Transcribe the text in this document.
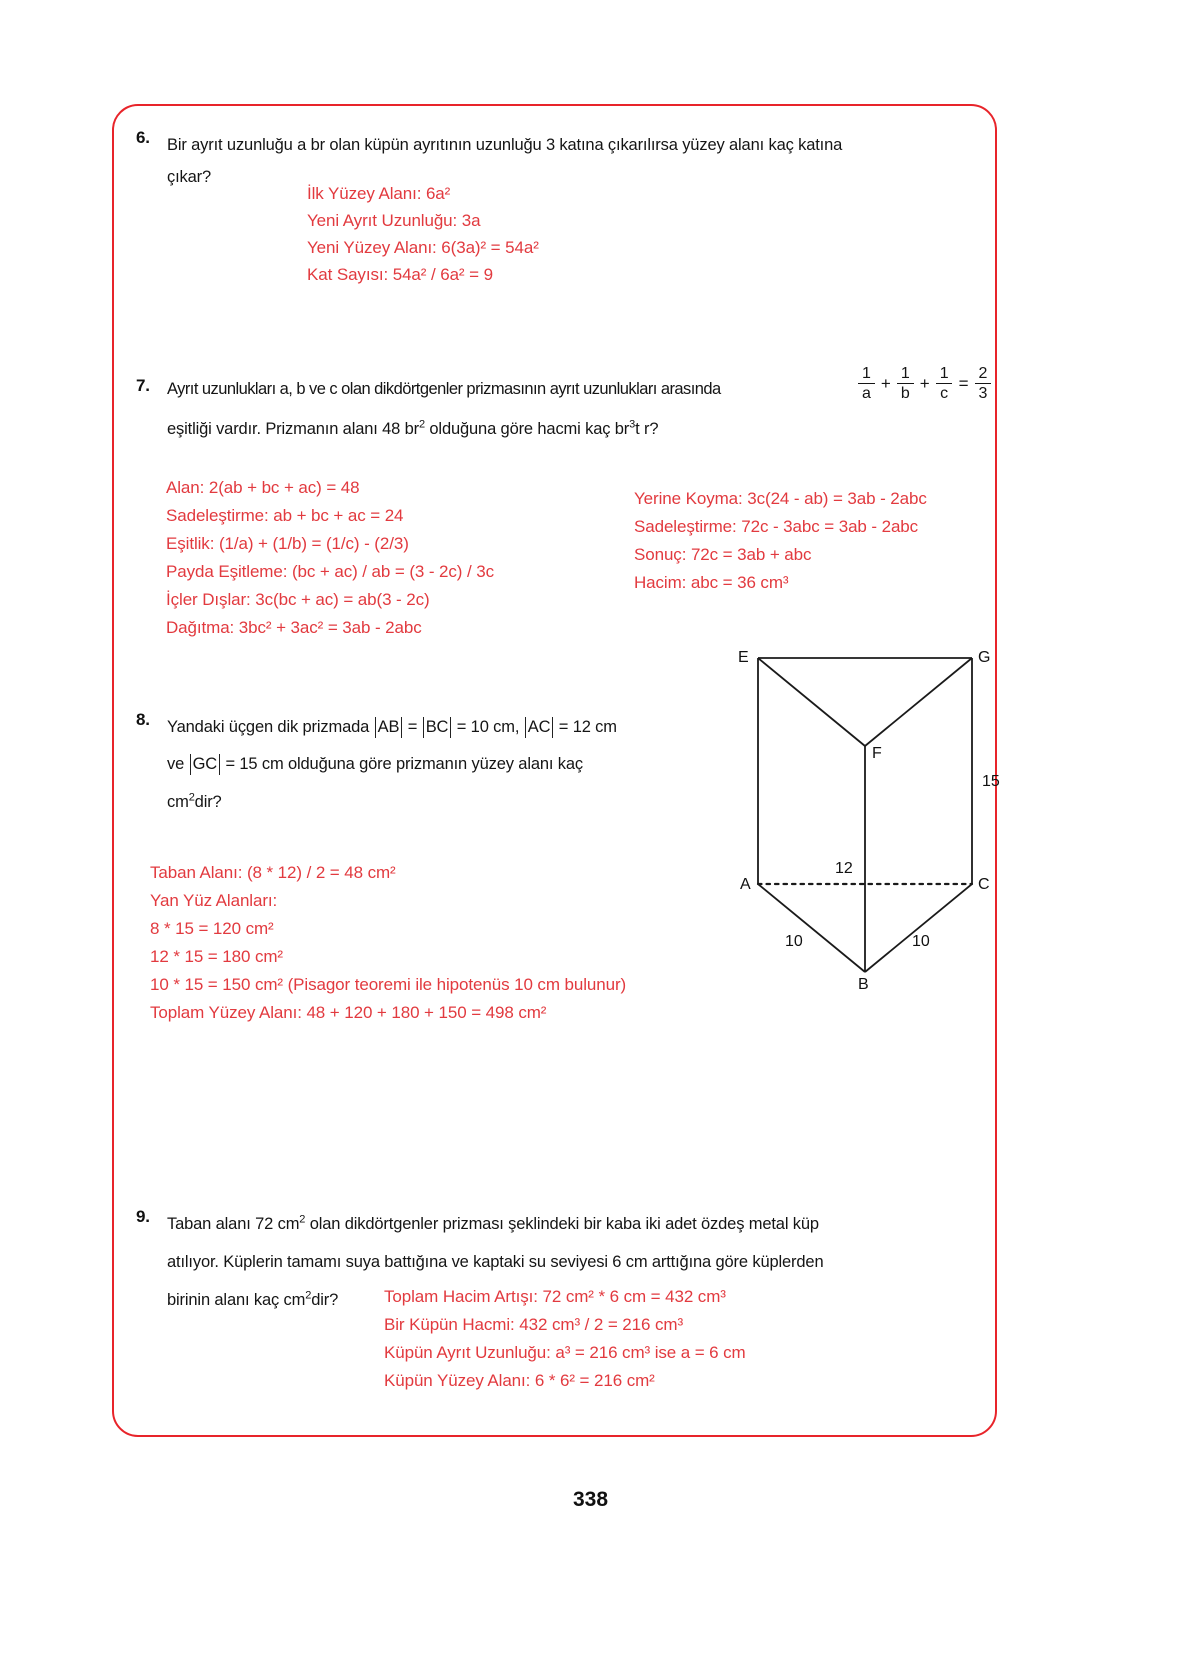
6. Bir ayrıt uzunluğu a br olan küpün ayrıtının uzunluğu 3 katına çıkarılırsa yüzey alanı kaç katına
çıkar?
İlk Yüzey Alanı: 6a²
Yeni Ayrıt Uzunluğu: 3a
Yeni Yüzey Alanı: 6(3a)² = 54a²
Kat Sayısı: 54a² / 6a² = 9
7. Ayrıt uzunlukları a, b ve c olan dikdörtgenler prizmasının ayrıt uzunlukları arasında	$\frac{1}{a} + \frac{1}{b} + \frac{1}{c} = \frac{2}{3}$
eşitliği vardır. Prizmanın alanı 48 $br^2$ olduğuna göre hacmi kaç $br^3t$ r?
Alan: 2(ab + bc + ac) = 48
Sadeleştirme: ab + bc + ac = 24
Eşitlik: (1/a) + (1/b) = (1/c) - (2/3)
Payda Eşitleme: (bc + ac) / ab = (3 - 2c) / 3c
İçler Dışlar: 3c(bc + ac) = ab(3 - 2c)
Dağıtma: 3bc² + 3ac² = 3ab - 2abc
Yerine Koyma: 3c(24 - ab) = 3ab - 2abc
Sadeleştirme: 72c - 3abc = 3ab - 2abc
Sonuç: 72c = 3ab + abc
Hacim: abc = 36 cm³
8. Yandaki üçgen dik prizmada AB = BC = 10 cm, AC = 12 cm
ve GC = 15 cm olduğuna göre prizmanın yüzey alanı kaç
$cm^2dir$?
E	G
F
A	C
B
15
12
10	10
Taban Alanı: (8 * 12) / 2 = 48 cm²
Yan Yüz Alanları:
8 * 15 = 120 cm²
12 * 15 = 180 cm²
10 * 15 = 150 cm² (Pisagor teoremi ile hipotenüs 10 cm bulunur)
Toplam Yüzey Alanı: 48 + 120 + 180 + 150 = 498 cm²
9. Taban alanı 72 $cm^2$ olan dikdörtgenler prizması şeklindeki bir kaba iki adet özdeş metal küp
atılıyor. Küplerin tamamı suya battığına ve kaptaki su seviyesi 6 cm arttığına göre küplerden
birinin alanı kaç $cm^2dir$?	Toplam Hacim Artışı: 72 cm² * 6 cm = 432 cm³
Bir Küpün Hacmi: 432 cm³ / 2 = 216 cm³
Küpün Ayrıt Uzunluğu: a³ = 216 cm³ ise a = 6 cm
Küpün Yüzey Alanı: 6 * 6² = 216 cm²
338
